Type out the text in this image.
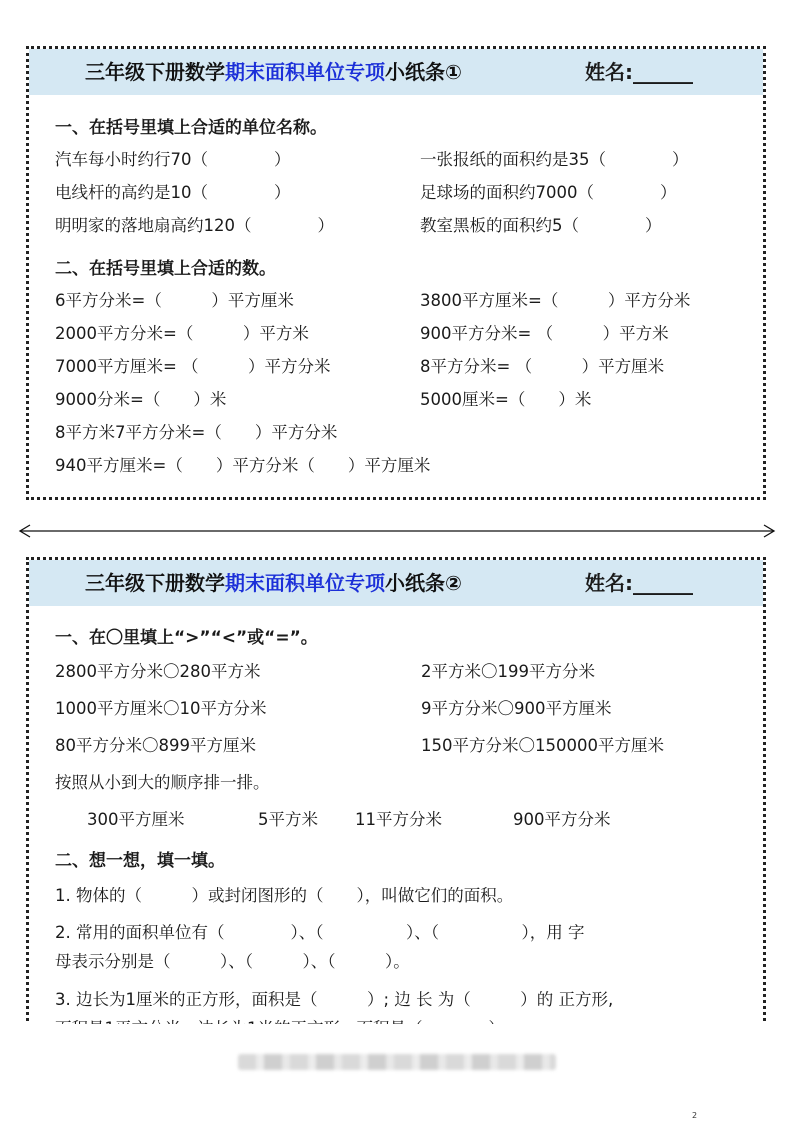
三年级下册数学期末面积单位专项小纸条①	姓名:______
一、在括号里填上合适的单位名称。
汽车每小时约行70（　　　　）	一张报纸的面积约是35（　　　　）
电线杆的高约是10（　　　　）	足球场的面积约7000（　　　　）
明明家的落地扇高约120（　　　　）	教室黑板的面积约5（　　　　）
二、在括号里填上合适的数。
6平方分米=（　　　）平方厘米	3800平方厘米=（　　　）平方分米
2000平方分米=（　　　）平方米	900平方分米= （　　　）平方米
7000平方厘米= （　　　）平方分米	8平方分米= （　　　）平方厘米
9000分米=（　　）米	5000厘米=（　　）米
8平方米7平方分米=（　　）平方分米
940平方厘米=（　　）平方分米（　　）平方厘米
三年级下册数学期末面积单位专项小纸条②	姓名:______
一、在〇里填上“>”“<”或“=”。
2800平方分米〇280平方米	2平方米〇199平方分米
1000平方厘米〇10平方分米	9平方分米〇900平方厘米
80平方分米〇899平方厘米	150平方分米〇150000平方厘米
按照从小到大的顺序排一排。
300平方厘米	5平方米 11平方分米	900平方分米
二、想一想，填一填。
1. 物体的（　　　）或封闭图形的（　　），叫做它们的面积。
2. 常用的面积单位有（　　　　）、（　　　　　）、（　　　　　），用 字
母表示分别是（　　　）、（　　　）、（　　　）。
3. 边长为1厘米的正方形，面积是（　　　）; 边 长 为（　　　）的 正方形,
2
